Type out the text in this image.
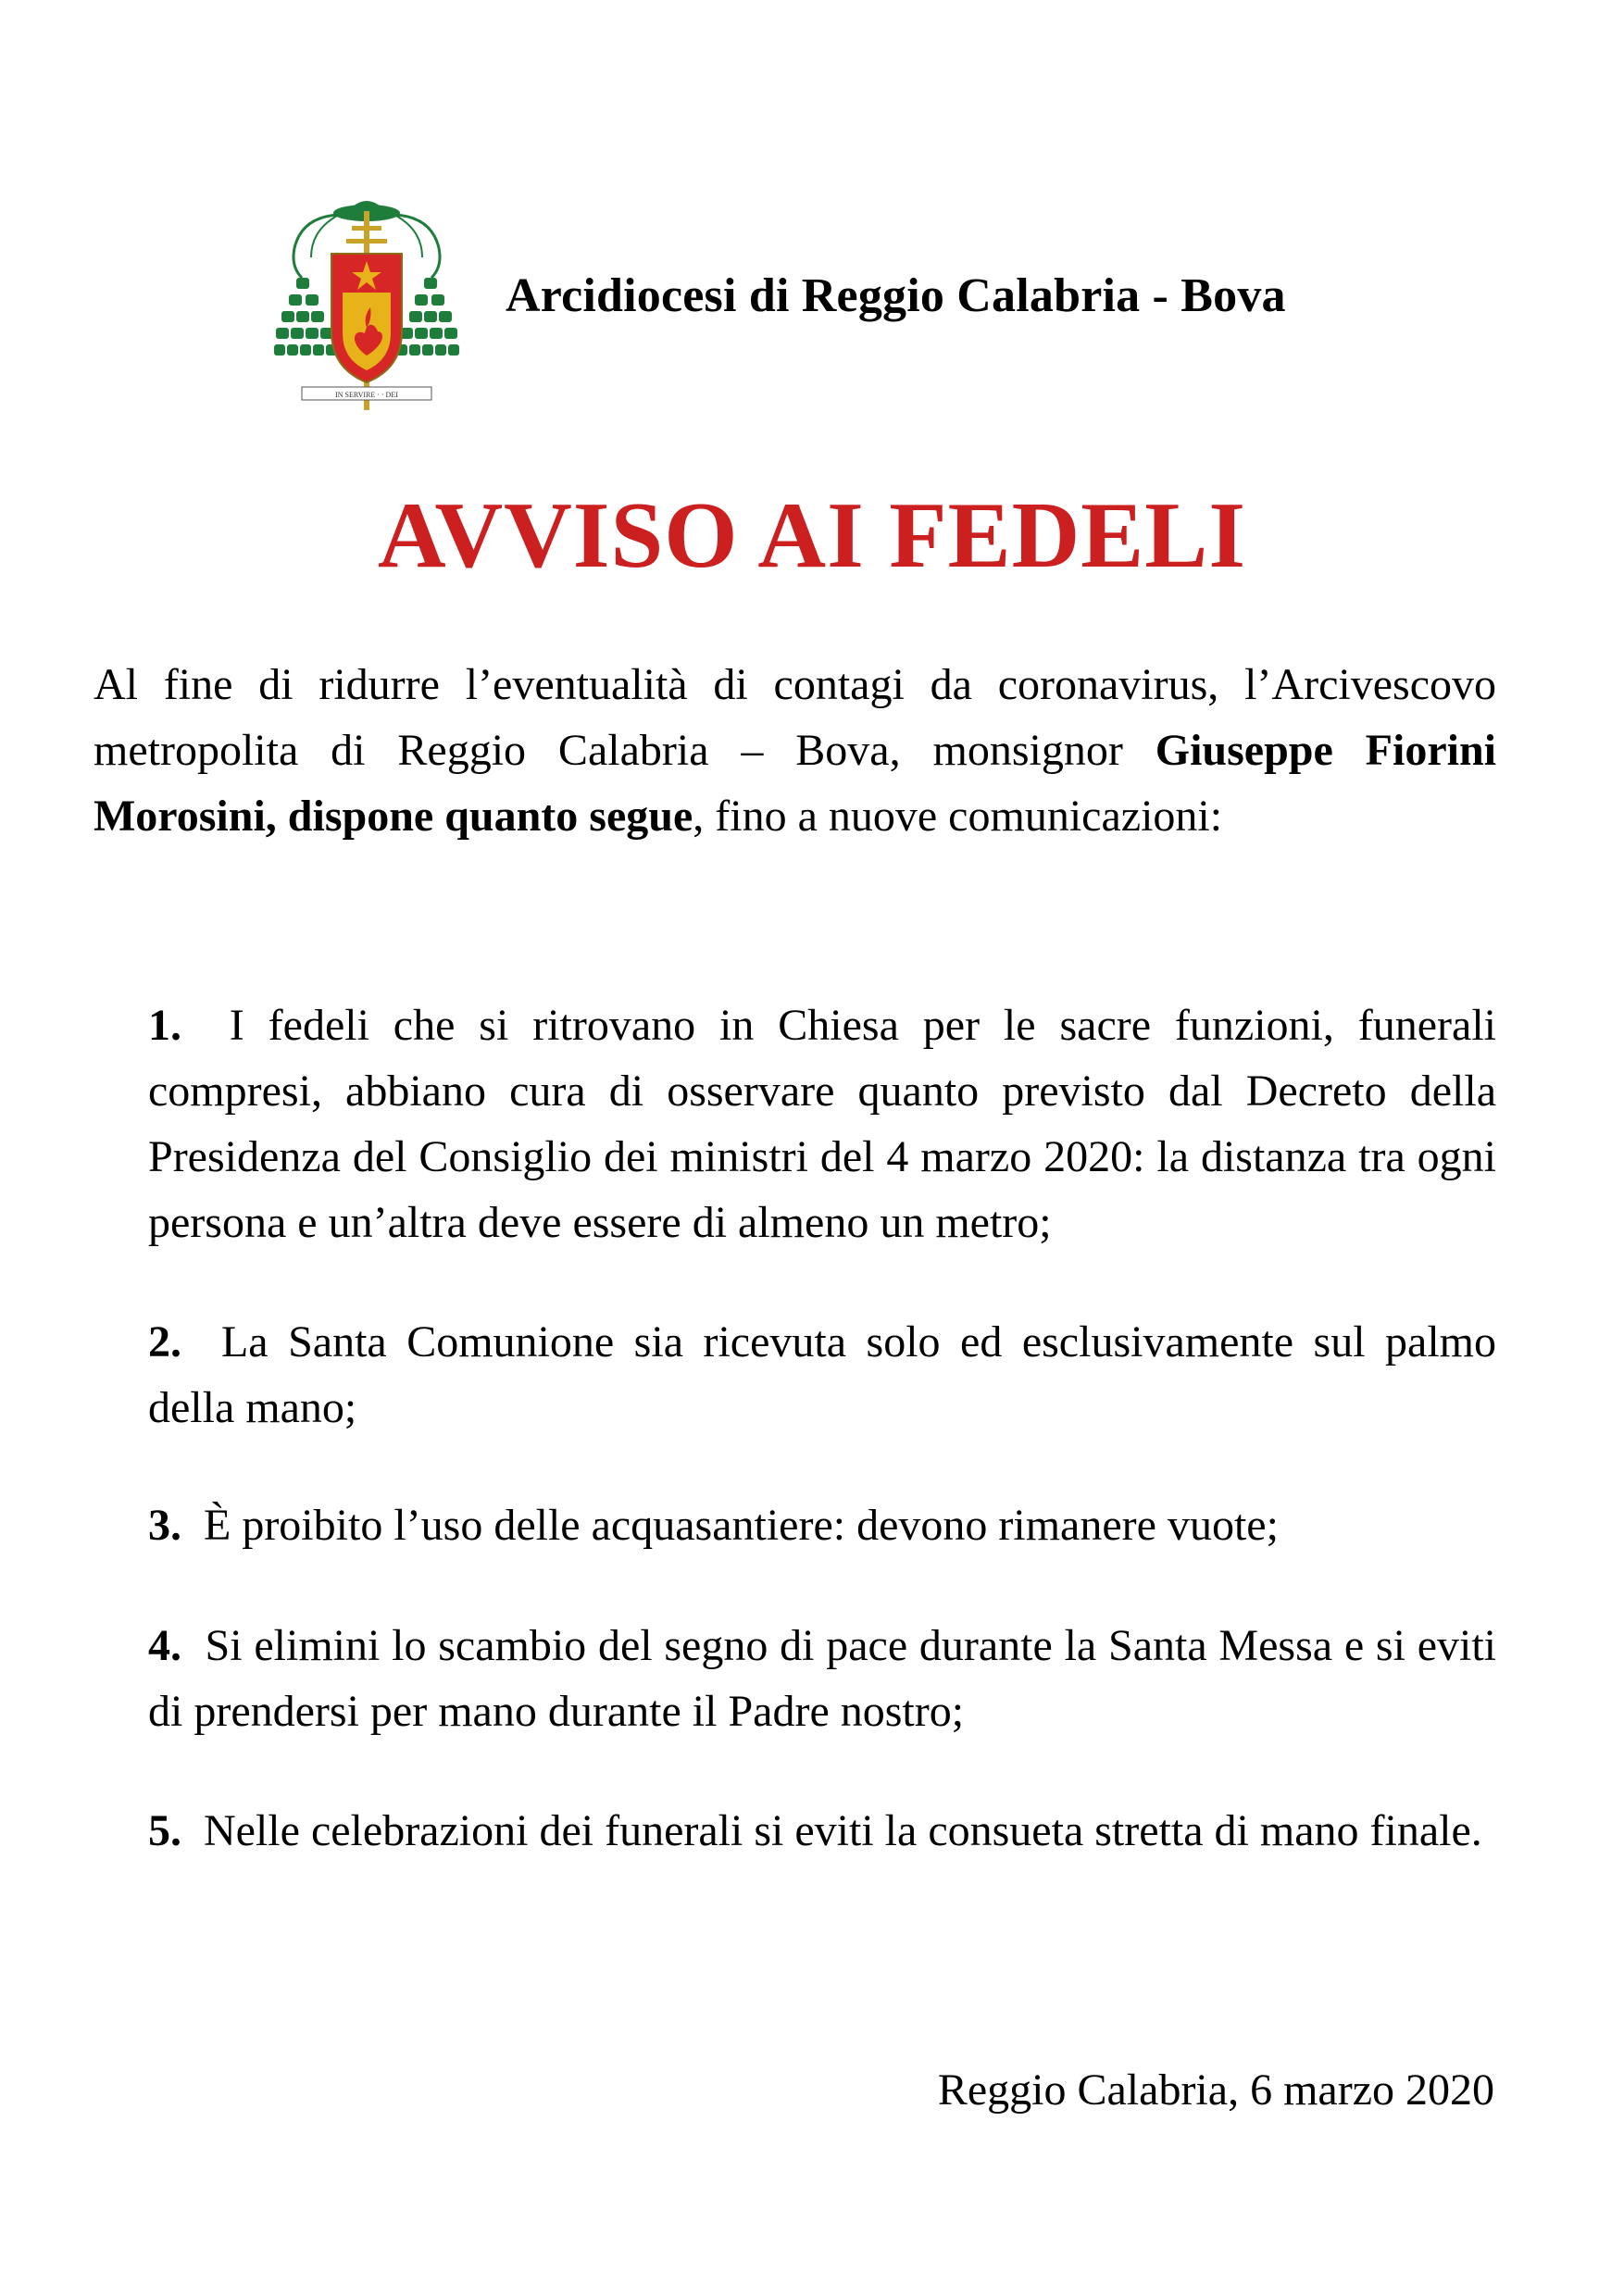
IN SERVIRE · · DEI
Arcidiocesi di Reggio Calabria - Bova
AVVISO AI FEDELI

Al fine di ridurre l’eventualità di contagi da coronavirus, l’Arcivescovo metropolita di Reggio Calabria – Bova, monsignor Giuseppe Fiorini Morosini, dispone quanto segue, fino a nuove comunicazioni:

1. I fedeli che si ritrovano in Chiesa per le sacre funzioni, funerali compresi, abbiano cura di osservare quanto previsto dal Decreto della Presidenza del Consiglio dei ministri del 4 marzo 2020: la distanza tra ogni persona e un’altra deve essere di almeno un metro;

2. La Santa Comunione sia ricevuta solo ed esclusivamente sul palmo della mano;

3. È proibito l’uso delle acquasantiere: devono rimanere vuote;

4. Si elimini lo scambio del segno di pace durante la Santa Messa e si eviti di prendersi per mano durante il Padre nostro;

5. Nelle celebrazioni dei funerali si eviti la consueta stretta di mano finale.

Reggio Calabria, 6 marzo 2020
